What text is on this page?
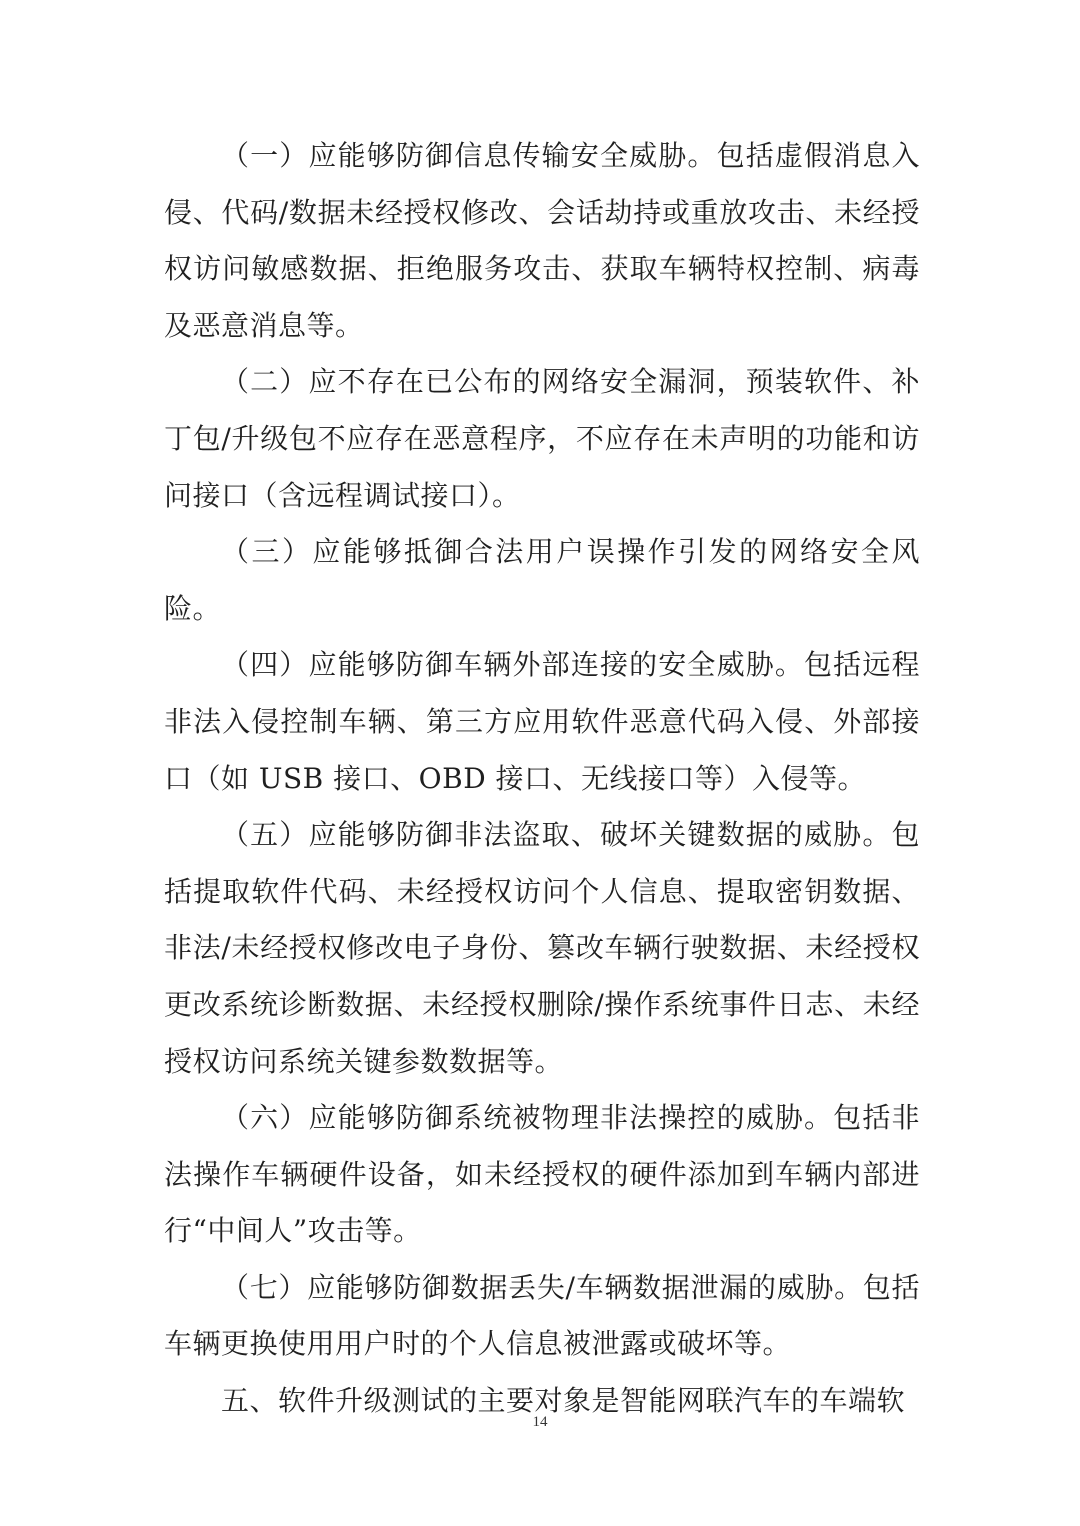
（一）应能够防御信息传输安全威胁。包括虚假消息入侵、代码/数据未经授权修改、会话劫持或重放攻击、未经授权访问敏感数据、拒绝服务攻击、获取车辆特权控制、病毒及恶意消息等。

（二）应不存在已公布的网络安全漏洞，预装软件、补丁包/升级包不应存在恶意程序，不应存在未声明的功能和访问接口（含远程调试接口）。

（三）应能够抵御合法用户误操作引发的网络安全风险。

（四）应能够防御车辆外部连接的安全威胁。包括远程非法入侵控制车辆、第三方应用软件恶意代码入侵、外部接口（如 USB 接口、OBD 接口、无线接口等）入侵等。

（五）应能够防御非法盗取、破坏关键数据的威胁。包括提取软件代码、未经授权访问个人信息、提取密钥数据、非法/未经授权修改电子身份、篡改车辆行驶数据、未经授权更改系统诊断数据、未经授权删除/操作系统事件日志、未经授权访问系统关键参数数据等。

（六）应能够防御系统被物理非法操控的威胁。包括非法操作车辆硬件设备，如未经授权的硬件添加到车辆内部进行“中间人”攻击等。

（七）应能够防御数据丢失/车辆数据泄漏的威胁。包括车辆更换使用用户时的个人信息被泄露或破坏等。

五、软件升级测试的主要对象是智能网联汽车的车端软

14
